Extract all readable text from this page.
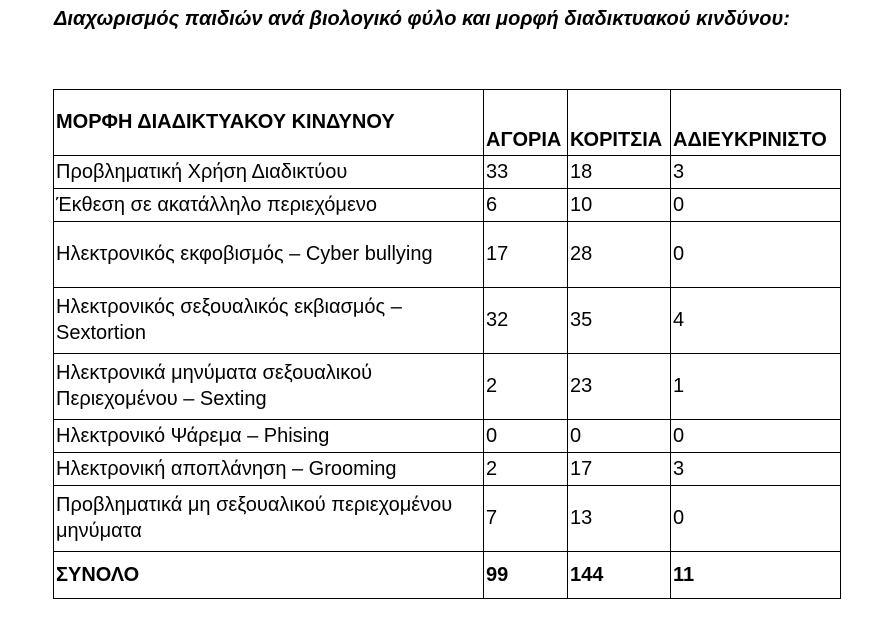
Διαχωρισμός παιδιών ανά βιολογικό φύλο και μορφή διαδικτυακού κινδύνου:

ΜΟΡΦΗ ΔΙΑΔΙΚΤΥΑΚΟΥ ΚΙΝΔΥΝΟΥ	ΑΓΟΡΙΑ	ΚΟΡΙΤΣΙΑ	ΑΔΙΕΥΚΡΙΝΙΣΤΟ
Προβληματική Χρήση Διαδικτύου	33	18	3
Έκθεση σε ακατάλληλο περιεχόμενο	6	10	0
Ηλεκτρονικός εκφοβισμός – Cyber bullying	17	28	0
Ηλεκτρονικός σεξουαλικός εκβιασμός – Sextortion	32	35	4
Ηλεκτρονικά μηνύματα σεξουαλικού Περιεχομένου – Sexting	2	23	1
Ηλεκτρονικό Ψάρεμα – Phising	0	0	0
Ηλεκτρονική αποπλάνηση – Grooming	2	17	3
Προβληματικά μη σεξουαλικού περιεχομένου μηνύματα	7	13	0
ΣΥΝΟΛΟ	99	144	11
